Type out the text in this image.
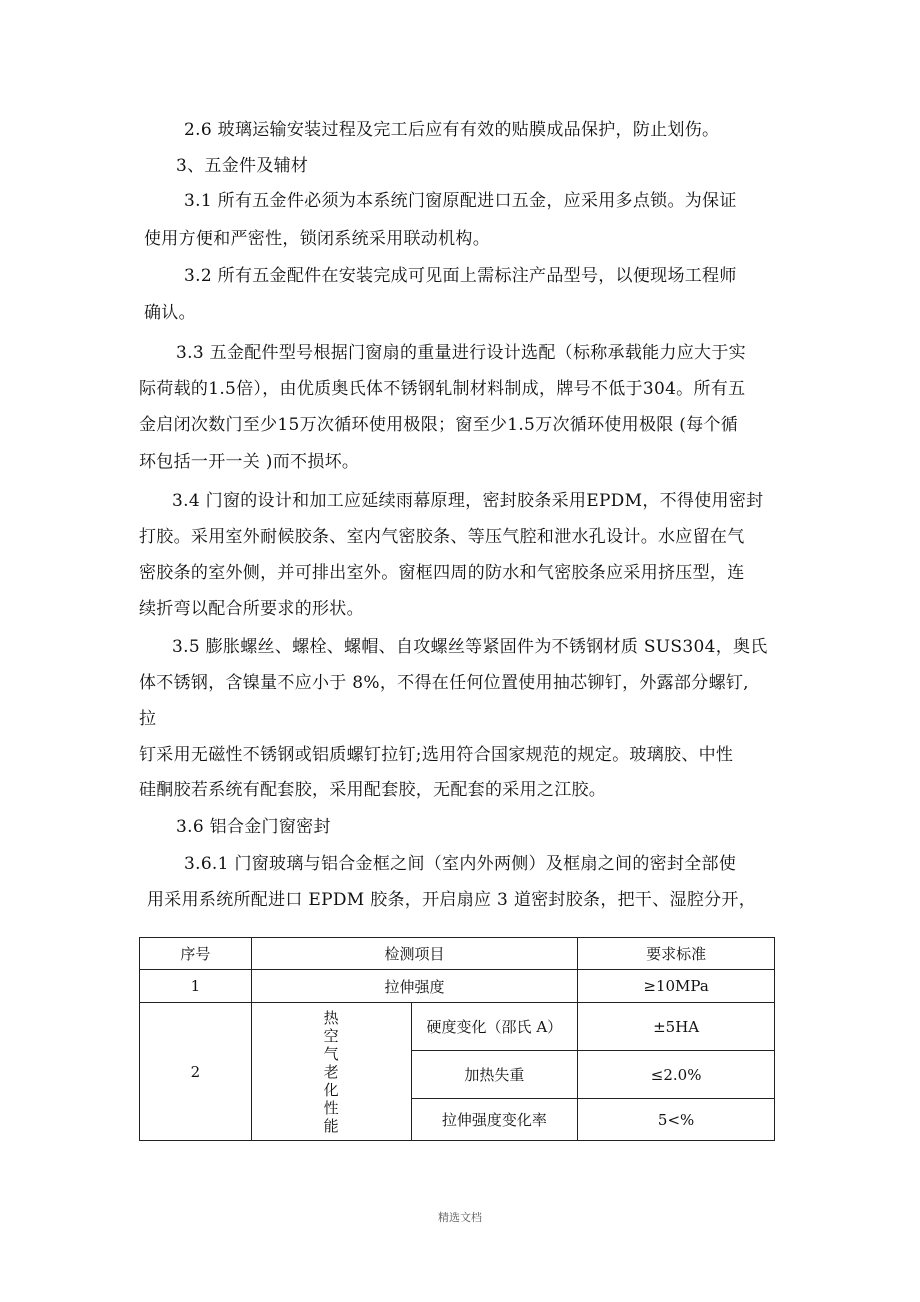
2.6 玻璃运输安装过程及完工后应有有效的贴膜成品保护，防止划伤。

3、五金件及辅材

3.1 所有五金件必须为本系统门窗原配进口五金，应采用多点锁。为保证

使用方便和严密性，锁闭系统采用联动机构。

3.2 所有五金配件在安装完成可见面上需标注产品型号，以便现场工程师

确认。

3.3 五金配件型号根据门窗扇的重量进行设计选配（标称承载能力应大于实

际荷载的1.5倍），由优质奥氏体不锈钢轧制材料制成，牌号不低于304。所有五

金启闭次数门至少15万次循环使用极限；窗至少1.5万次循环使用极限 (每个循

环包括一开一关 )而不损坏。

3.4 门窗的设计和加工应延续雨幕原理，密封胶条采用EPDM，不得使用密封

打胶。采用室外耐候胶条、室内气密胶条、等压气腔和泄水孔设计。水应留在气

密胶条的室外侧，并可排出室外。窗框四周的防水和气密胶条应采用挤压型，连

续折弯以配合所要求的形状。

3.5 膨胀螺丝、螺栓、螺帽、自攻螺丝等紧固件为不锈钢材质 SUS304，奥氏

体不锈钢，含镍量不应小于 8%，不得在任何位置使用抽芯铆钉，外露部分螺钉,

拉

钉采用无磁性不锈钢或铝质螺钉拉钉;选用符合国家规范的规定。玻璃胶、中性

硅酮胶若系统有配套胶，采用配套胶，无配套的采用之江胶。

3.6 铝合金门窗密封

3.6.1 门窗玻璃与铝合金框之间（室内外两侧）及框扇之间的密封全部使

用采用系统所配进口 EPDM 胶条，开启扇应 3 道密封胶条，把干、湿腔分开，

序号	检测项目		要求标准
1	拉伸强度		≥10MPa
2	热空气老化性能	硬度变化（邵氏 A）	±5HA
		加热失重	≤2.0%
		拉伸强度变化率	5<%
精选文档
